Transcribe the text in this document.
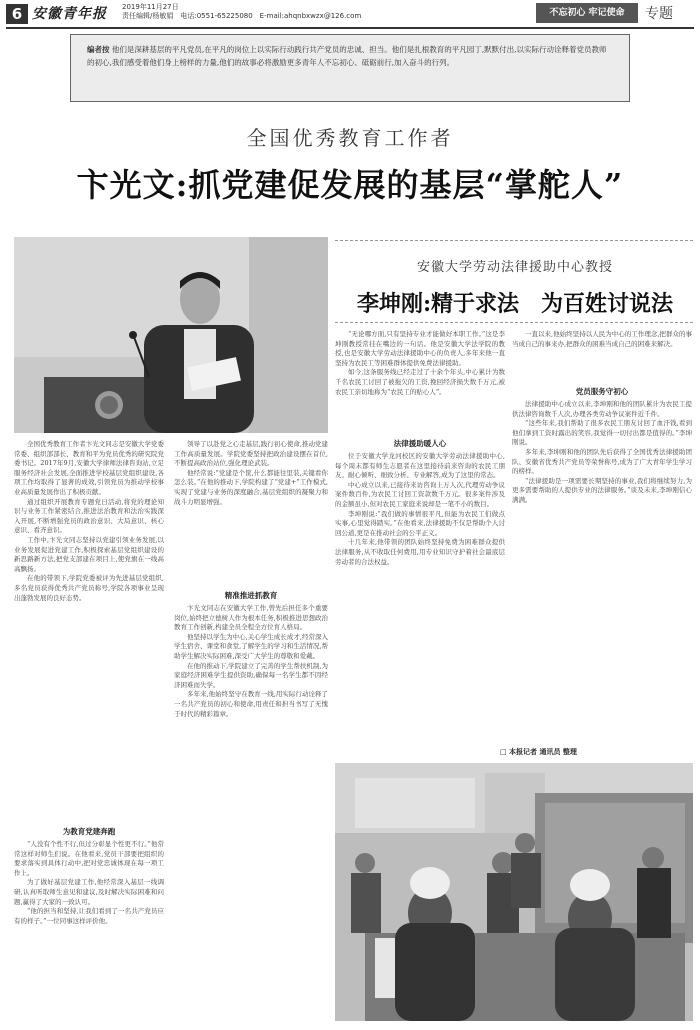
6 安徽青年报 2019年11月27日
责任编辑/杨敏娟　电话:0551-65225080　E-mail:ahqnbxwzx@126.com	不忘初心 牢记使命	专题
编者按 他们是深耕基层的平凡党员,在平凡的岗位上以实际行动践行共产党员的忠诚、担当。他们是扎根教育的平凡园丁,默默付出,以实际行动诠释着党员教师的初心,我们感受着他们身上榜样的力量,他们的故事必将激励更多青年人不忘初心、砥砺前行,加入奋斗的行列。
全国优秀教育工作者
卞光文:抓党建促发展的基层“掌舵人”

全国优秀教育工作者卞光文同志是安徽大学党委常委、组织部部长、教育和平为党员优秀的研究院党委书记。2017年9月,安徽大学律师法律咨询站,立足服务经济社会发展,全面推进学校基层党组织建设,各项工作均取得了显著的成效,引领党员为推动学校事业高质量发展作出了积极贡献。

通过组织开展教育专题党日活动,将党的理论知识与业务工作紧密结合,推进法治教育和法治实践深入开展,不断增强党员的政治意识、大局意识、核心意识、看齐意识。

工作中,卞光文同志坚持以党建引领业务发展,以业务发展促进党建工作,积极探索基层党组织建设的新思路新方法,把党支部建在项目上,使党旗在一线高高飘扬。

在他的带领下,学院党委被评为先进基层党组织,多名党员获得优秀共产党员称号,学院各项事业呈现出蓬勃发展的良好态势。

为教育党建奔跑

“人没有个性不行,但过分彰显个性更不行。”他常常这样对师生们说。在他看来,党员干部要把组织的要求落实到具体行动中,把对党忠诚体现在每一项工作上。

为了做好基层党建工作,他经常深入基层一线调研,认真听取师生意见和建议,及时解决实际困难和问题,赢得了大家的一致认可。

“他的担当和坚持,让我们看到了一名共产党员应有的样子。”一位同事这样评价他。

领导了以赴党之心走基层,践行初心使命,推动党建工作高质量发展。学院党委坚持把政治建设摆在首位,不断提高政治站位,强化理论武装。

他经常说:“党建是个筐,什么都能往里装,关键看你怎么装。”在他的推动下,学院构建了“党建+”工作模式,实现了党建与业务的深度融合,基层党组织的凝聚力和战斗力明显增强。

精准推进抓教育

卞光文同志在安徽大学工作,曾先后担任多个重要岗位,始终把立德树人作为根本任务,积极推进思想政治教育工作创新,构建全员全程全方位育人格局。

他坚持以学生为中心,关心学生成长成才,经常深入学生宿舍、课堂和食堂,了解学生的学习和生活情况,帮助学生解决实际困难,深受广大学生的尊敬和爱戴。

在他的推动下,学院建立了完善的学生帮扶机制,为家庭经济困难学生提供资助,确保每一名学生都不因经济困难而失学。

多年来,他始终坚守在教育一线,用实际行动诠释了一名共产党员的初心和使命,用责任和担当书写了无愧于时代的精彩篇章。

安徽大学劳动法律援助中心教授
李坤刚:精于求法　为百姓讨说法

“无论哪方面,只有坚持专业才能做好本职工作。”这是李坤刚教授常挂在嘴边的一句话。他是安徽大学法学院的教授,也是安徽大学劳动法律援助中心的负责人,多年来他一直坚持为农民工等困难群体提供免费法律援助。

如今,这条服务线已经走过了十余个年头,中心累计为数千名农民工讨回了被拖欠的工资,挽回经济损失数千万元,被农民工亲切地称为“农民工的贴心人”。

法律援助暖人心

位于安徽大学龙河校区的安徽大学劳动法律援助中心,每个周末都有师生志愿者在这里接待前来咨询的农民工朋友。耐心倾听、细致分析、专业解答,成为了这里的常态。

中心成立以来,已接待来访咨询上万人次,代理劳动争议案件数百件,为农民工讨回工资款数千万元。很多案件涉及的金额虽小,但对农民工家庭来说却是一笔不小的数目。

李坤刚说:“我们做的事情很平凡,但能为农民工们做点实事,心里觉得踏实。”在他看来,法律援助不仅是帮助个人讨回公道,更是在推动社会的公平正义。

十几年来,他带领的团队始终坚持免费为困难群众提供法律服务,从不收取任何费用,用专业知识守护着社会最底层劳动者的合法权益。

一直以来,他始终坚持以人民为中心的工作理念,把群众的事当成自己的事来办,把群众的困难当成自己的困难来解决。

党员服务守初心

法律援助中心成立以来,李坤刚和他的团队累计为农民工提供法律咨询数千人次,办理各类劳动争议案件近千件。

“这些年来,我们帮助了很多农民工朋友讨回了血汗钱,看到他们拿到工资时露出的笑容,我觉得一切付出都是值得的。”李坤刚说。

多年来,李坤刚和他的团队先后获得了全国优秀法律援助团队、安徽省优秀共产党员等荣誉称号,成为了广大青年学生学习的榜样。

“法律援助是一项需要长期坚持的事业,我们将继续努力,为更多需要帮助的人提供专业的法律服务。”谈及未来,李坤刚信心满满。

□ 本报记者 通讯员 整理
